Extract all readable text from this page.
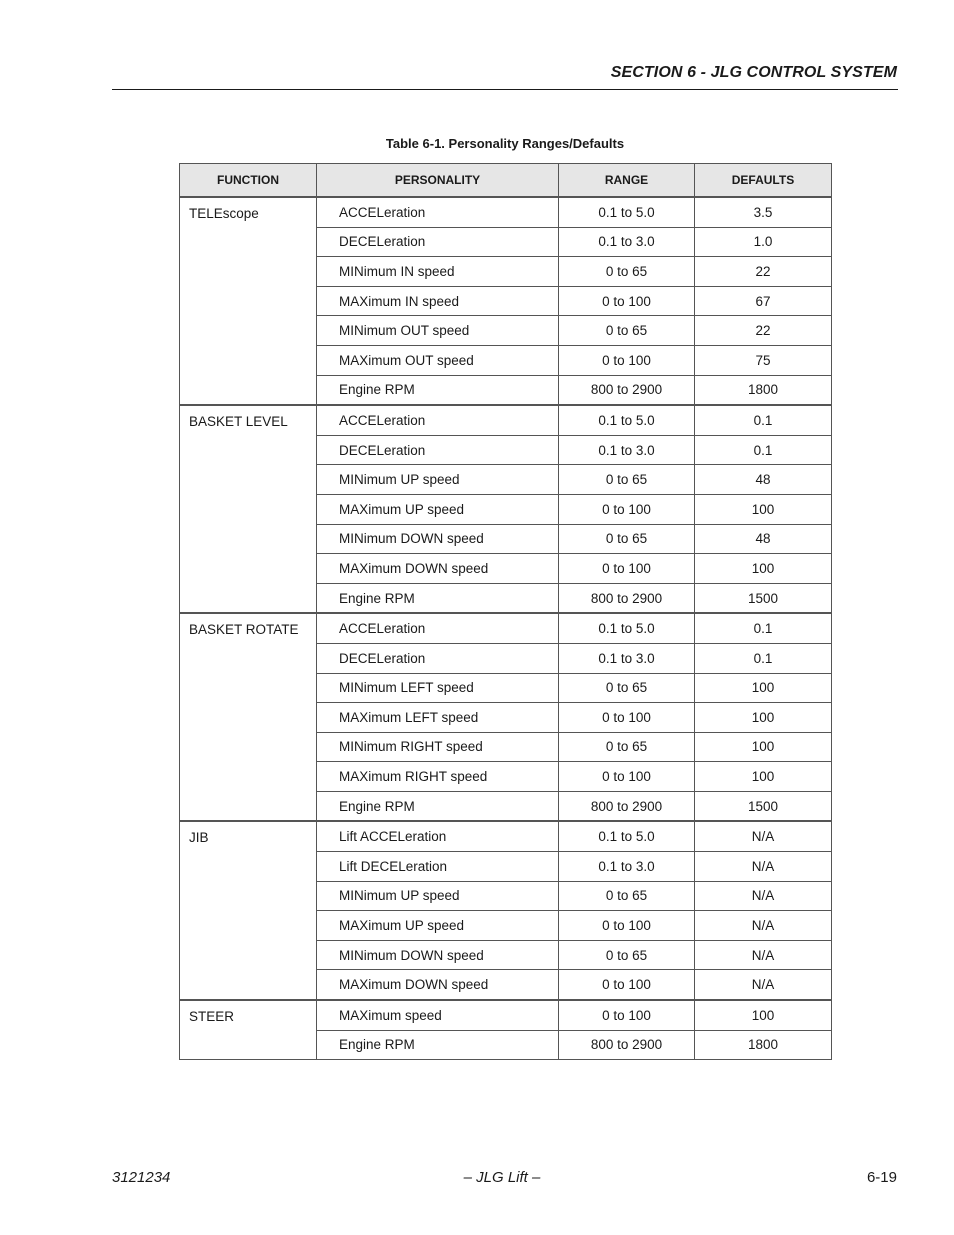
SECTION 6 - JLG CONTROL SYSTEM
Table 6-1. Personality Ranges/Defaults
FUNCTION	PERSONALITY	RANGE	DEFAULTS
TELEscope	ACCELeration	0.1 to 5.0	3.5
	DECELeration	0.1 to 3.0	1.0
	MINimum IN speed	0 to 65	22
	MAXimum IN speed	0 to 100	67
	MINimum OUT speed	0 to 65	22
	MAXimum OUT speed	0 to 100	75
	Engine RPM	800 to 2900	1800
BASKET LEVEL	ACCELeration	0.1 to 5.0	0.1
	DECELeration	0.1 to 3.0	0.1
	MINimum UP speed	0 to 65	48
	MAXimum UP speed	0 to 100	100
	MINimum DOWN speed	0 to 65	48
	MAXimum DOWN speed	0 to 100	100
	Engine RPM	800 to 2900	1500
BASKET ROTATE	ACCELeration	0.1 to 5.0	0.1
	DECELeration	0.1 to 3.0	0.1
	MINimum LEFT speed	0 to 65	100
	MAXimum LEFT speed	0 to 100	100
	MINimum RIGHT speed	0 to 65	100
	MAXimum RIGHT speed	0 to 100	100
	Engine RPM	800 to 2900	1500
JIB	Lift ACCELeration	0.1 to 5.0	N/A
	Lift DECELeration	0.1 to 3.0	N/A
	MINimum UP speed	0 to 65	N/A
	MAXimum UP speed	0 to 100	N/A
	MINimum DOWN speed	0 to 65	N/A
	MAXimum DOWN speed	0 to 100	N/A
STEER	MAXimum speed	0 to 100	100
	Engine RPM	800 to 2900	1800
3121234	– JLG Lift –	6-19
